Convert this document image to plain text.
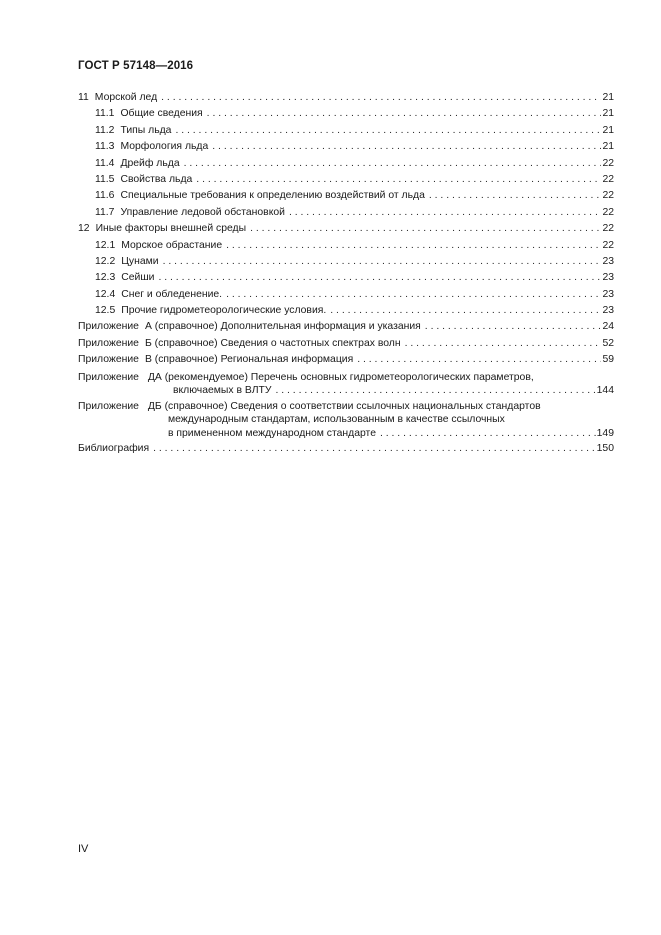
ГОСТ Р 57148—2016
11 Морской лед . . .	21
11.1 Общие сведения . . .	21
11.2 Типы льда . . .	21
11.3 Морфология льда . . .	21
11.4 Дрейф льда . . .	22
11.5 Свойства льда . . .	22
11.6 Специальные требования к определению воздействий от льда . . .	22
11.7 Управление ледовой обстановкой . . .	22
12 Иные факторы внешней среды . . .	22
12.1 Морское обрастание . . .	22
12.2 Цунами . . .	23
12.3 Сейши . . .	23
12.4 Снег и обледенение. . . .	23
12.5 Прочие гидрометеорологические условия. . . .	23
Приложение А (справочное) Дополнительная информация и указания . . .	24
Приложение Б (справочное) Сведения о частотных спектрах волн . . .	52
Приложение В (справочное) Региональная информация . . .	59
Приложение ДА (рекомендуемое) Перечень основных гидрометеорологических параметров,
включаемых в ВЛТУ . . .	144
Приложение ДБ (справочное) Сведения о соответствии ссылочных национальных стандартов
международным стандартам, использованным в качестве ссылочных
в примененном международном стандарте . . .	149
Библиография . . .	150
IV
